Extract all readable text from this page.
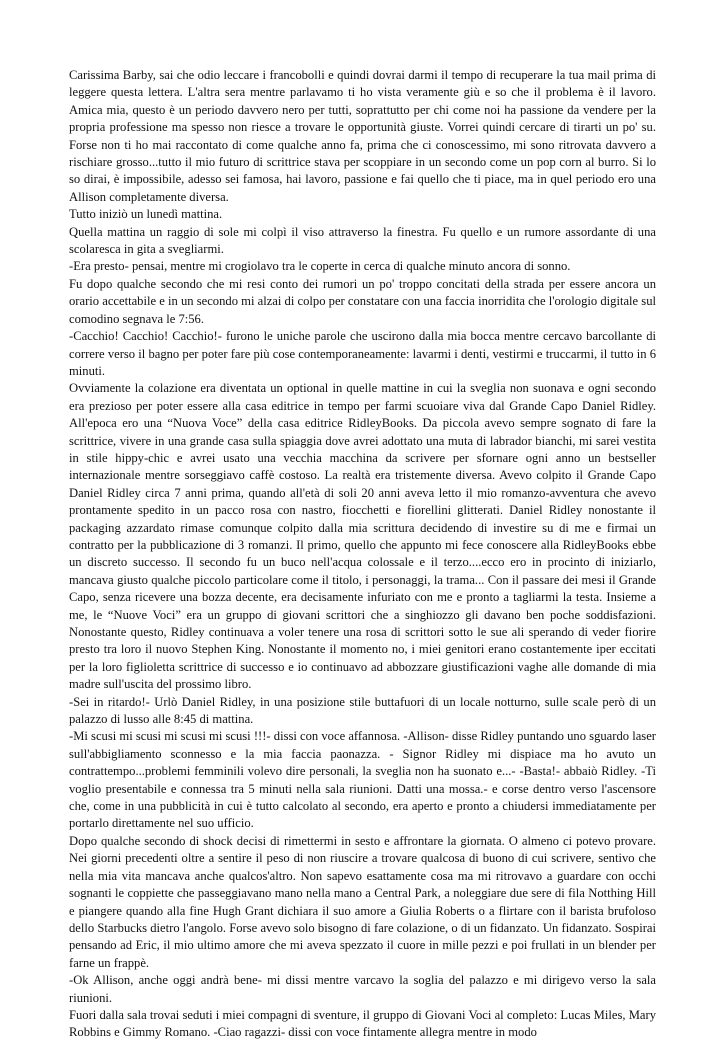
Carissima Barby, sai che odio leccare i francobolli e quindi dovrai darmi il tempo di recuperare la tua mail prima di leggere questa lettera. L'altra sera mentre parlavamo ti ho vista veramente giù e so che il problema è il lavoro. Amica mia, questo è un periodo davvero nero per tutti, soprattutto per chi come noi ha passione da vendere per la propria professione ma spesso non riesce a trovare le opportunità giuste. Vorrei quindi cercare di tirarti un po' su. Forse non ti ho mai raccontato di come qualche anno fa, prima che ci conoscessimo, mi sono ritrovata davvero a rischiare grosso...tutto il mio futuro di scrittrice stava per scoppiare in un secondo come un pop corn al burro. Si lo so dirai, è impossibile, adesso sei famosa, hai lavoro, passione e fai quello che ti piace, ma in quel periodo ero una Allison completamente diversa.

Tutto iniziò un lunedì mattina.

Quella mattina un raggio di sole mi colpì il viso attraverso la finestra. Fu quello e un rumore assordante di una scolaresca in gita a svegliarmi.

-Era presto- pensai, mentre mi crogiolavo tra le coperte in cerca di qualche minuto ancora di sonno.

Fu dopo qualche secondo che mi resi conto dei rumori un po' troppo concitati della strada per essere ancora un orario accettabile e in un secondo mi alzai di colpo per constatare con una faccia inorridita che l'orologio digitale sul comodino segnava le 7:56.

-Cacchio! Cacchio! Cacchio!- furono le uniche parole che uscirono dalla mia bocca mentre cercavo barcollante di correre verso il bagno per poter fare più cose contemporaneamente: lavarmi i denti, vestirmi e truccarmi, il tutto in 6 minuti.

Ovviamente la colazione era diventata un optional in quelle mattine in cui la sveglia non suonava e ogni secondo era prezioso per poter essere alla casa editrice in tempo per farmi scuoiare viva dal Grande Capo Daniel Ridley. All'epoca ero una “Nuova Voce” della casa editrice RidleyBooks. Da piccola avevo sempre sognato di fare la scrittrice, vivere in una grande casa sulla spiaggia dove avrei adottato una muta di labrador bianchi, mi sarei vestita in stile hippy-chic e avrei usato una vecchia macchina da scrivere per sfornare ogni anno un bestseller internazionale mentre sorseggiavo caffè costoso. La realtà era tristemente diversa. Avevo colpito il Grande Capo Daniel Ridley circa 7 anni prima, quando all'età di soli 20 anni aveva letto il mio romanzo-avventura che avevo prontamente spedito in un pacco rosa con nastro, fiocchetti e fiorellini glitterati. Daniel Ridley nonostante il packaging azzardato rimase comunque colpito dalla mia scrittura decidendo di investire su di me e firmai un contratto per la pubblicazione di 3 romanzi. Il primo, quello che appunto mi fece conoscere alla RidleyBooks ebbe un discreto successo. Il secondo fu un buco nell'acqua colossale e il terzo....ecco ero in procinto di iniziarlo, mancava giusto qualche piccolo particolare come il titolo, i personaggi, la trama... Con il passare dei mesi il Grande Capo, senza ricevere una bozza decente, era decisamente infuriato con me e pronto a tagliarmi la testa. Insieme a me, le “Nuove Voci” era un gruppo di giovani scrittori che a singhiozzo gli davano ben poche soddisfazioni. Nonostante questo, Ridley continuava a voler tenere una rosa di scrittori sotto le sue ali sperando di veder fiorire presto tra loro il nuovo Stephen King. Nonostante il momento no, i miei genitori erano costantemente iper eccitati per la loro figlioletta scrittrice di successo e io continuavo ad abbozzare giustificazioni vaghe alle domande di mia madre sull'uscita del prossimo libro.

-Sei in ritardo!- Urlò Daniel Ridley, in una posizione stile buttafuori di un locale notturno, sulle scale però di un palazzo di lusso alle 8:45 di mattina.

-Mi scusi mi scusi mi scusi mi scusi !!!- dissi con voce affannosa. -Allison- disse Ridley puntando uno sguardo laser sull'abbigliamento sconnesso e la mia faccia paonazza. - Signor Ridley mi dispiace ma ho avuto un contrattempo...problemi femminili volevo dire personali, la sveglia non ha suonato e...- -Basta!- abbaiò Ridley. -Ti voglio presentabile e connessa tra 5 minuti nella sala riunioni. Datti una mossa.- e corse dentro verso l'ascensore che, come in una pubblicità in cui è tutto calcolato al secondo, era aperto e pronto a chiudersi immediatamente per portarlo direttamente nel suo ufficio.

Dopo qualche secondo di shock decisi di rimettermi in sesto e affrontare la giornata. O almeno ci potevo provare. Nei giorni precedenti oltre a sentire il peso di non riuscire a trovare qualcosa di buono di cui scrivere, sentivo che nella mia vita mancava anche qualcos'altro. Non sapevo esattamente cosa ma mi ritrovavo a guardare con occhi sognanti le coppiette che passeggiavano mano nella mano a Central Park, a noleggiare due sere di fila Notthing Hill e piangere quando alla fine Hugh Grant dichiara il suo amore a Giulia Roberts o a flirtare con il barista brufoloso dello Starbucks dietro l'angolo. Forse avevo solo bisogno di fare colazione, o di un fidanzato. Un fidanzato. Sospirai pensando ad Eric, il mio ultimo amore che mi aveva spezzato il cuore in mille pezzi e poi frullati in un blender per farne un frappè.

-Ok Allison, anche oggi andrà bene- mi dissi mentre varcavo la soglia del palazzo e mi dirigevo verso la sala riunioni.

Fuori dalla sala trovai seduti i miei compagni di sventure, il gruppo di Giovani Voci al completo: Lucas Miles, Mary Robbins e Gimmy Romano. -Ciao ragazzi- dissi con voce fintamente allegra mentre in modo
